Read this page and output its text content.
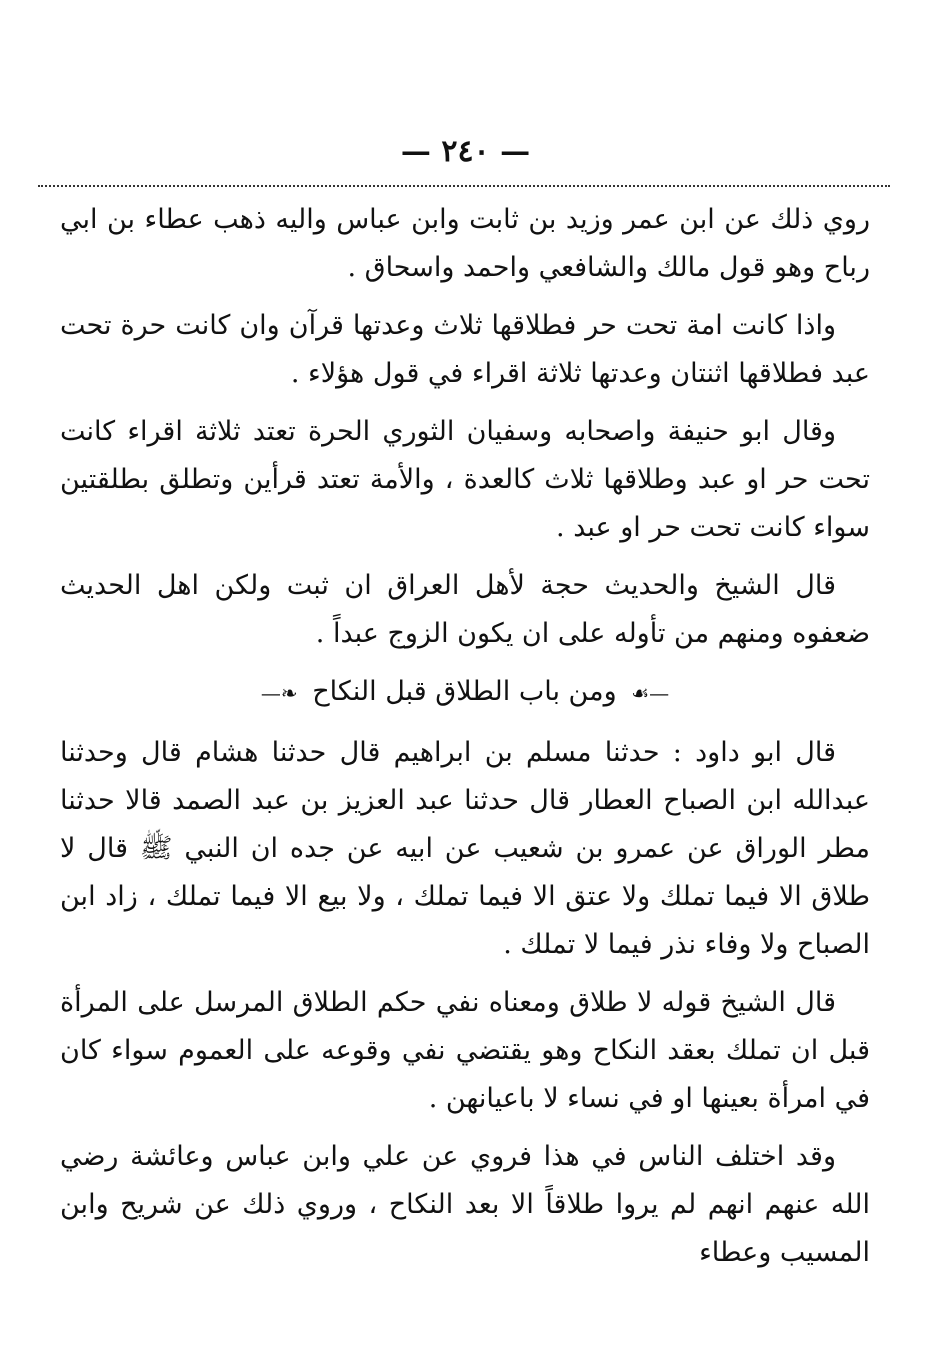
— ٢٤٠ —

روي ذلك عن ابن عمر وزيد بن ثابت وابن عباس واليه ذهب عطاء بن ابي رباح وهو قول مالك والشافعي واحمد واسحاق .

واذا كانت امة تحت حر فطلاقها ثلاث وعدتها قرآن وان كانت حرة تحت عبد فطلاقها اثنتان وعدتها ثلاثة اقراء في قول هؤلاء .

وقال ابو حنيفة واصحابه وسفيان الثوري الحرة تعتد ثلاثة اقراء كانت تحت حر او عبد وطلاقها ثلاث كالعدة ، والأمة تعتد قرأين وتطلق بطلقتين سواء كانت تحت حر او عبد .

قال الشيخ والحديث حجة لأهل العراق ان ثبت ولكن اهل الحديث ضعفوه ومنهم من تأوله على ان يكون الزوج عبداً .

—☙ ومن باب الطلاق قبل النكاح ❧—

قال ابو داود : حدثنا مسلم بن ابراهيم قال حدثنا هشام قال وحدثنا عبدالله ابن الصباح العطار قال حدثنا عبد العزيز بن عبد الصمد قالا حدثنا مطر الوراق عن عمرو بن شعيب عن ابيه عن جده ان النبي ﷺ قال لا طلاق الا فيما تملك ولا عتق الا فيما تملك ، ولا بيع الا فيما تملك ، زاد ابن الصباح ولا وفاء نذر فيما لا تملك .

قال الشيخ قوله لا طلاق ومعناه نفي حكم الطلاق المرسل على المرأة قبل ان تملك بعقد النكاح وهو يقتضي نفي وقوعه على العموم سواء كان في امرأة بعينها او في نساء لا باعيانهن .

وقد اختلف الناس في هذا فروي عن علي وابن عباس وعائشة رضي الله عنهم انهم لم يروا طلاقاً الا بعد النكاح ، وروي ذلك عن شريح وابن المسيب وعطاء
